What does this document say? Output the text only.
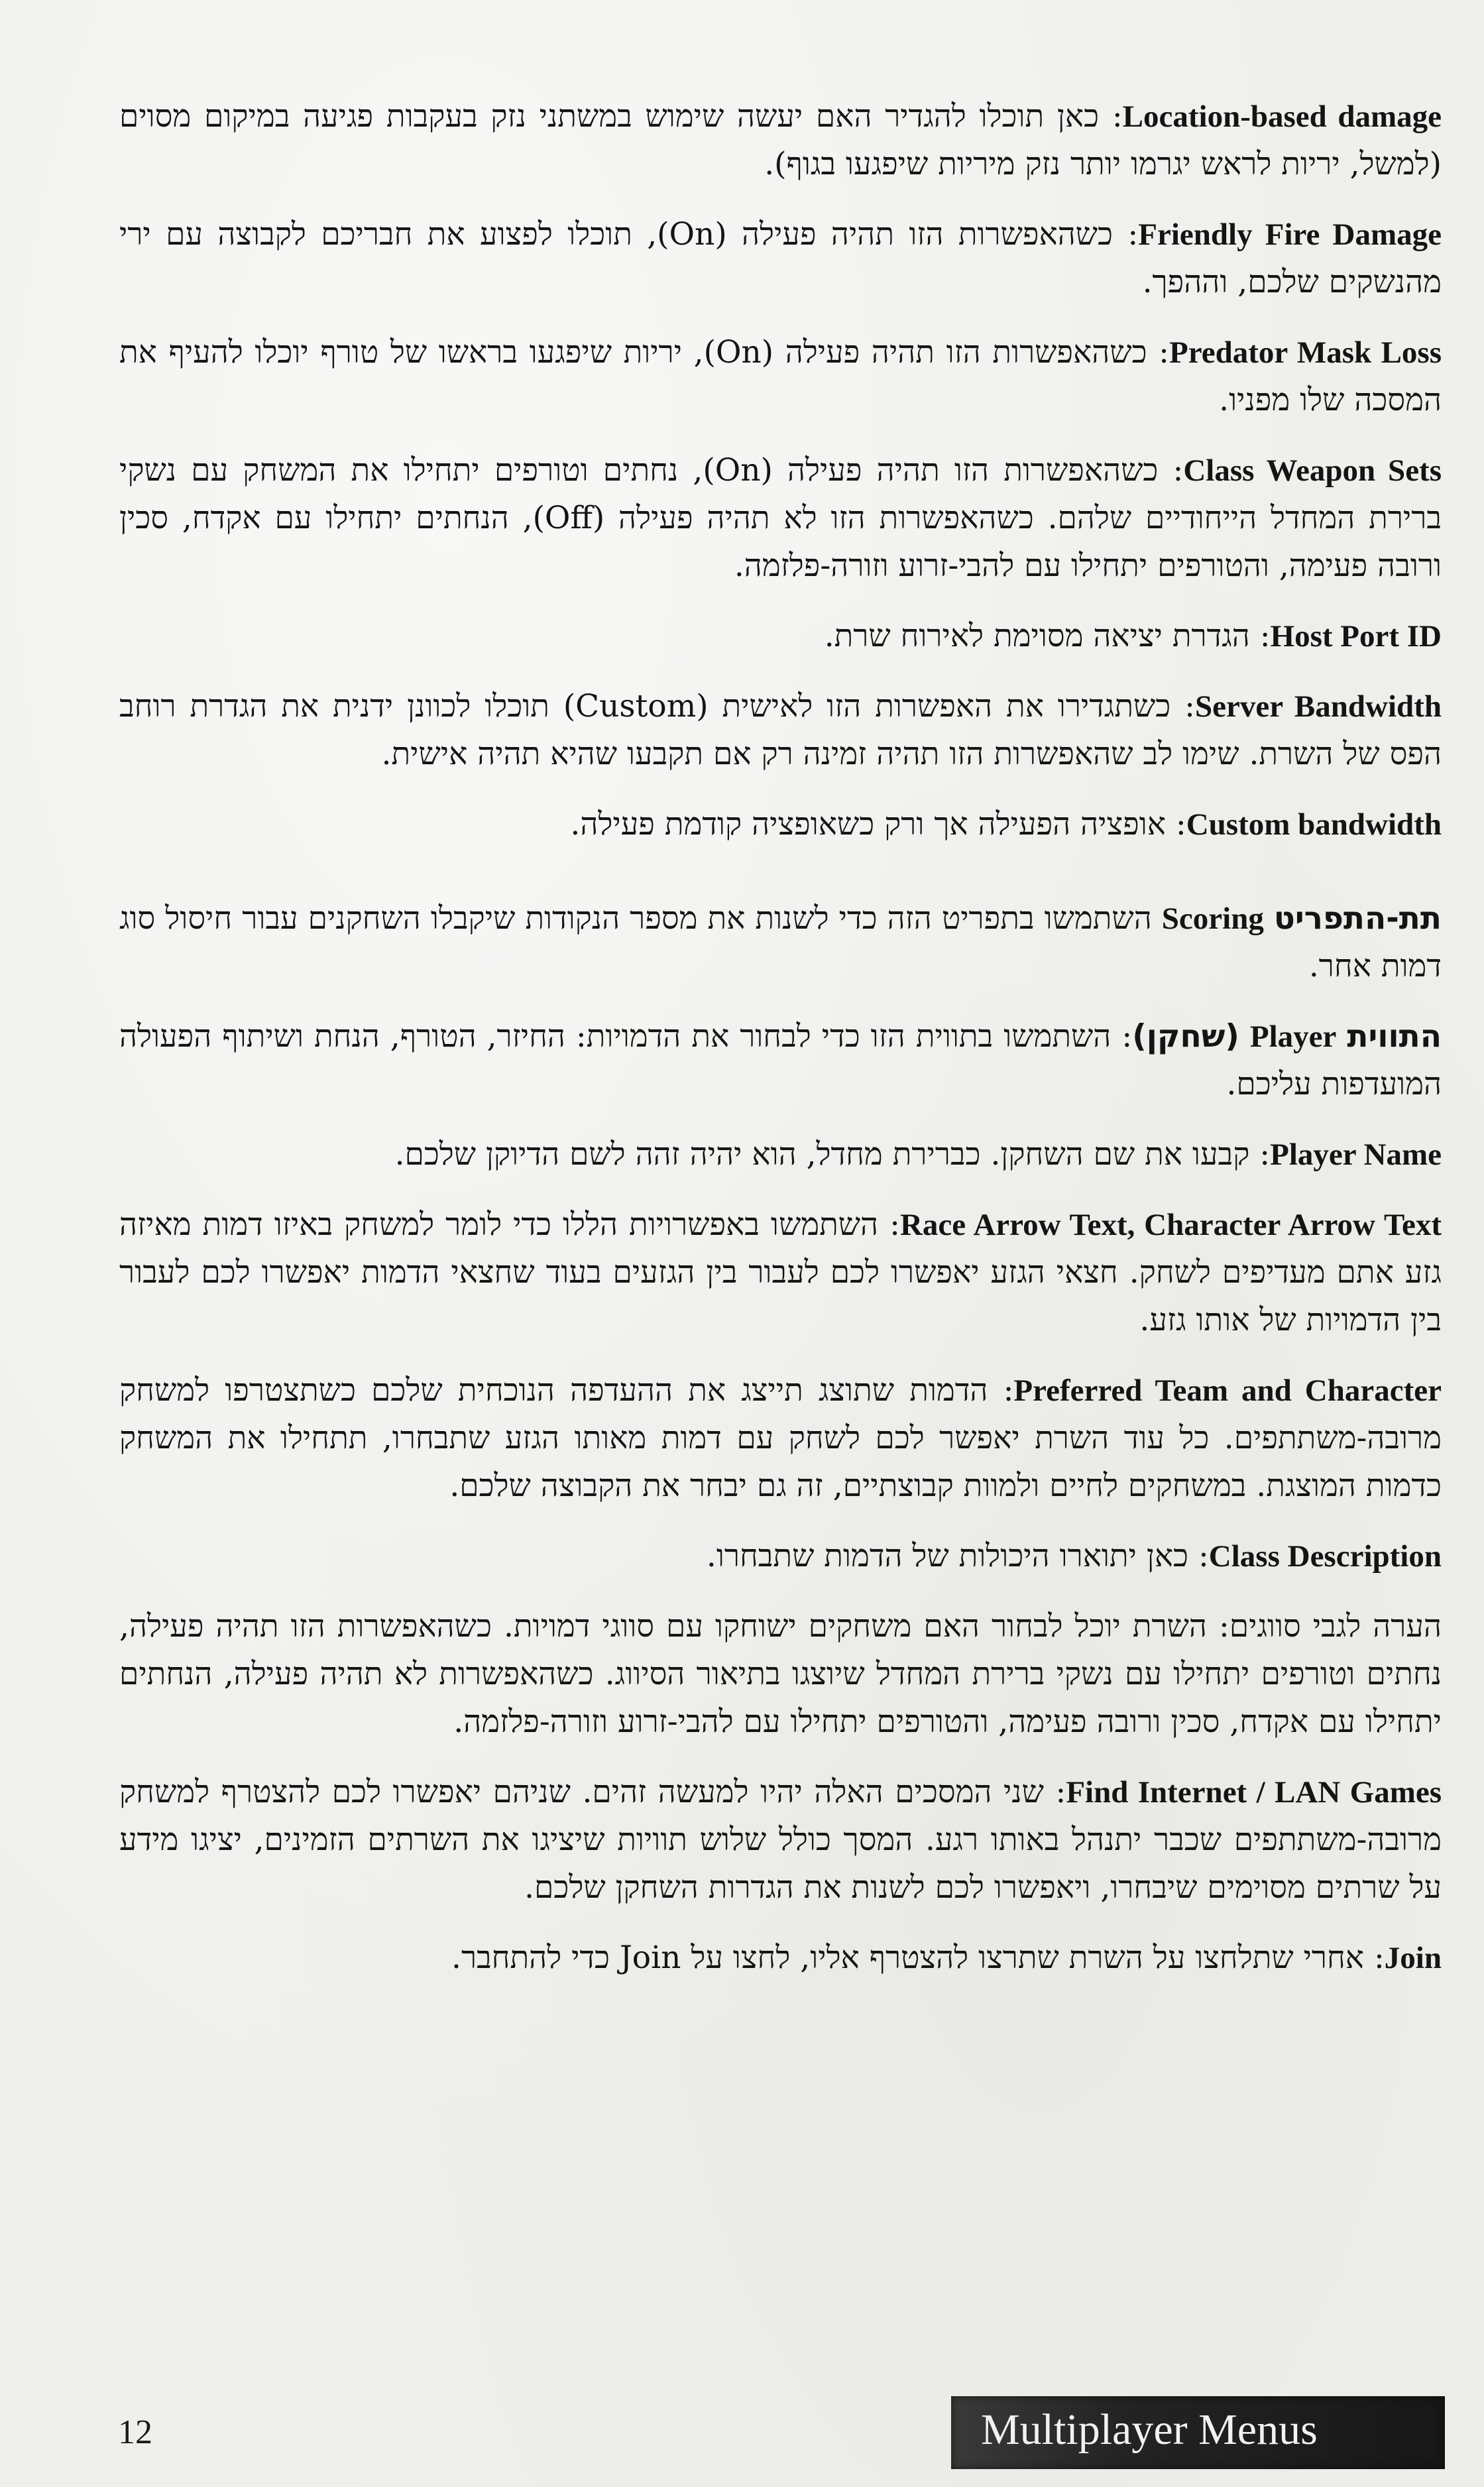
Location-based damage: כאן תוכלו להגדיר האם יעשה שימוש במשתני נזק בעקבות פגיעה במיקום מסוים (למשל, יריות לראש יגרמו יותר נזק מיריות שיפגעו בגוף).

Friendly Fire Damage: כשהאפשרות הזו תהיה פעילה (On), תוכלו לפצוע את חבריכם לקבוצה עם ירי מהנשקים שלכם, וההפך.

Predator Mask Loss: כשהאפשרות הזו תהיה פעילה (On), יריות שיפגעו בראשו של טורף יוכלו להעיף את המסכה שלו מפניו.

Class Weapon Sets: כשהאפשרות הזו תהיה פעילה (On), נחתים וטורפים יתחילו את המשחק עם נשקי ברירת המחדל הייחודיים שלהם. כשהאפשרות הזו לא תהיה פעילה (Off), הנחתים יתחילו עם אקדח, סכין ורובה פעימה, והטורפים יתחילו עם להבי-זרוע וזורה-פלזמה.

Host Port ID: הגדרת יציאה מסוימת לאירוח שרת.

Server Bandwidth: כשתגדירו את האפשרות הזו לאישית (Custom) תוכלו לכוונן ידנית את הגדרת רוחב הפס של השרת. שימו לב שהאפשרות הזו תהיה זמינה רק אם תקבעו שהיא תהיה אישית.

Custom bandwidth: אופציה הפעילה אך ורק כשאופציה קודמת פעילה.

תת-התפריט Scoring השתמשו בתפריט הזה כדי לשנות את מספר הנקודות שיקבלו השחקנים עבור חיסול סוג דמות אחר.

התווית Player (שחקן): השתמשו בתווית הזו כדי לבחור את הדמויות: החיזר, הטורף, הנחת ושיתוף הפעולה המועדפות עליכם.

Player Name: קבעו את שם השחקן. כברירת מחדל, הוא יהיה זהה לשם הדיוקן שלכם.

Race Arrow Text, Character Arrow Text: השתמשו באפשרויות הללו כדי לומר למשחק באיזו דמות מאיזה גזע אתם מעדיפים לשחק. חצאי הגזע יאפשרו לכם לעבור בין הגזעים בעוד שחצאי הדמות יאפשרו לכם לעבור בין הדמויות של אותו גזע.

Preferred Team and Character: הדמות שתוצג תייצג את ההעדפה הנוכחית שלכם כשתצטרפו למשחק מרובה-משתתפים. כל עוד השרת יאפשר לכם לשחק עם דמות מאותו הגזע שתבחרו, תתחילו את המשחק כדמות המוצגת. במשחקים לחיים ולמוות קבוצתיים, זה גם יבחר את הקבוצה שלכם.

Class Description: כאן יתוארו היכולות של הדמות שתבחרו.

הערה לגבי סווגים: השרת יוכל לבחור האם משחקים ישוחקו עם סווגי דמויות. כשהאפשרות הזו תהיה פעילה, נחתים וטורפים יתחילו עם נשקי ברירת המחדל שיוצגו בתיאור הסיווג. כשהאפשרות לא תהיה פעילה, הנחתים יתחילו עם אקדח, סכין ורובה פעימה, והטורפים יתחילו עם להבי-זרוע וזורה-פלזמה.

Find Internet / LAN Games: שני המסכים האלה יהיו למעשה זהים. שניהם יאפשרו לכם להצטרף למשחק מרובה-משתתפים שכבר יתנהל באותו רגע. המסך כולל שלוש תוויות שיציגו את השרתים הזמינים, יציגו מידע על שרתים מסוימים שיבחרו, ויאפשרו לכם לשנות את הגדרות השחקן שלכם.

Join: אחרי שתלחצו על השרת שתרצו להצטרף אליו, לחצו על Join כדי להתחבר.

12	Multiplayer Menus
